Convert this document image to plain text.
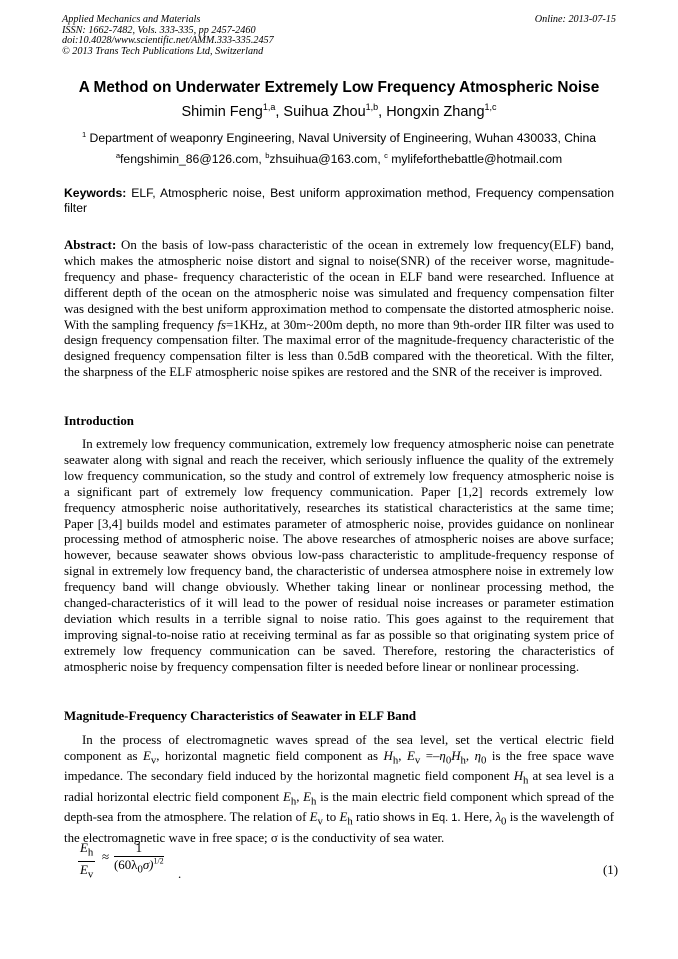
Applied Mechanics and Materials
ISSN: 1662-7482, Vols. 333-335, pp 2457-2460
doi:10.4028/www.scientific.net/AMM.333-335.2457
© 2013 Trans Tech Publications Ltd, Switzerland
Online: 2013-07-15
A Method on Underwater Extremely Low Frequency Atmospheric Noise
Shimin Feng$^{1,a}$, Suihua Zhou$^{1,b}$, Hongxin Zhang$^{1,c}$
$^1$ Department of weaponry Engineering, Naval University of Engineering, Wuhan 430033, China
$^a$fengshimin_86@126.com, $^b$zhsuihua@163.com, $^c$ mylifeforthebattle@hotmail.com
Keywords: ELF, Atmospheric noise, Best uniform approximation method, Frequency compensation filter
Abstract: On the basis of low-pass characteristic of the ocean in extremely low frequency(ELF) band, which makes the atmospheric noise distort and signal to noise(SNR) of the receiver worse, magnitude-frequency and phase- frequency characteristic of the ocean in ELF band were researched. Influence at different depth of the ocean on the atmospheric noise was simulated and frequency compensation filter was designed with the best uniform approximation method to compensate the distorted atmospheric noise. With the sampling frequency fs=1KHz, at 30m~200m depth, no more than 9th-order IIR filter was used to design frequency compensation filter. The maximal error of the magnitude-frequency characteristic of the designed frequency compensation filter is less than 0.5dB compared with the theoretical. With the filter, the sharpness of the ELF atmospheric noise spikes are restored and the SNR of the receiver is improved.
Introduction
In extremely low frequency communication, extremely low frequency atmospheric noise can penetrate seawater along with signal and reach the receiver, which seriously influence the quality of the extremely low frequency communication, so the study and control of extremely low frequency atmospheric noise is a significant part of extremely low frequency communication. Paper [1,2] records extremely low frequency atmospheric noise authoritatively, researches its statistical characteristics at the same time; Paper [3,4] builds model and estimates parameter of atmospheric noise, provides guidance on nonlinear processing method of atmospheric noise. The above researches of atmospheric noises are above surface; however, because seawater shows obvious low-pass characteristic to amplitude-frequency response of signal in extremely low frequency band, the characteristic of undersea atmosphere noise in extremely low frequency band will change obviously. Whether taking linear or nonlinear processing method, the changed-characteristics of it will lead to the power of residual noise increases or parameter estimation deviation which results in a terrible signal to noise ratio. This goes against to the requirement that improving signal-to-noise ratio at receiving terminal as far as possible so that originating system price of extremely low frequency communication can be saved. Therefore, restoring the characteristics of atmospheric noise by frequency compensation filter is needed before linear or nonlinear processing.
Magnitude-Frequency Characteristics of Seawater in ELF Band
In the process of electromagnetic waves spread of the sea level, set the vertical electric field component as $E_v$, horizontal magnetic field component as $H_h$, $E_v =-\eta_0H_h$, $\eta_0$ is the free space wave impedance. The secondary field induced by the horizontal magnetic field component $H_h$ at sea level is a radial horizontal electric field component $E_h$, $E_h$ is the main electric field component which spread of the depth-sea from the atmosphere. The relation of $E_v$ to $E_h$ ratio shows in Eq. 1. Here, $\lambda_0$ is the wavelength of the electromagnetic wave in free space; σ is the conductivity of sea water.
$\frac{E_h}{E_v} \approx \frac{1}{(60\lambda_0\sigma)^{1/2}}$ .	(1)
